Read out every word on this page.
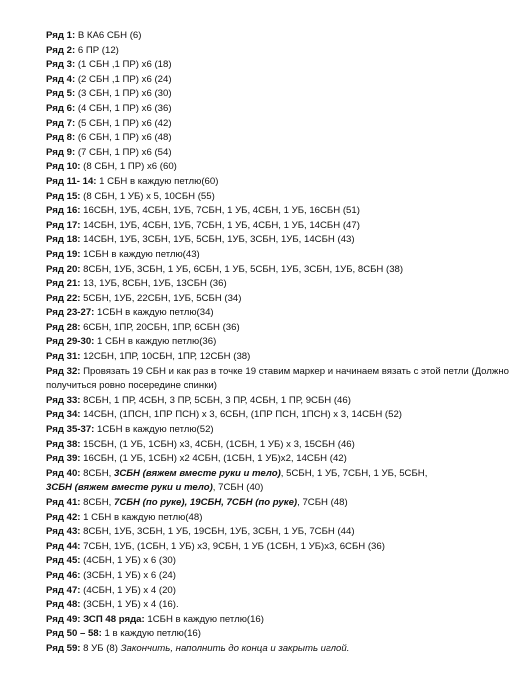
Ряд 1: В КА6 СБН (6)
Ряд 2: 6 ПР (12)
Ряд 3: (1 СБН ,1 ПР) х6 (18)
Ряд 4: (2 СБН ,1 ПР) х6 (24)
Ряд 5: (3 СБН, 1 ПР) х6 (30)
Ряд 6: (4 СБН, 1 ПР) х6 (36)
Ряд 7: (5 СБН, 1 ПР) х6 (42)
Ряд 8: (6 СБН, 1 ПР) х6 (48)
Ряд 9: (7 СБН, 1 ПР) х6 (54)
Ряд 10: (8 СБН, 1 ПР) х6 (60)
Ряд 11- 14: 1 СБН в каждую петлю(60)
Ряд 15: (8 СБН, 1 УБ) х 5, 10СБН (55)
Ряд 16: 16СБН, 1УБ, 4СБН, 1УБ, 7СБН, 1 УБ, 4СБН, 1 УБ, 16СБН (51)
Ряд 17: 14СБН, 1УБ, 4СБН, 1УБ, 7СБН, 1 УБ, 4СБН, 1 УБ, 14СБН (47)
Ряд 18: 14СБН, 1УБ, 3СБН, 1УБ, 5СБН, 1УБ, 3СБН, 1УБ, 14СБН (43)
Ряд 19: 1СБН в каждую петлю(43)
Ряд 20: 8СБН, 1УБ, 3СБН, 1 УБ, 6СБН, 1 УБ, 5СБН, 1УБ, 3СБН, 1УБ, 8СБН (38)
Ряд 21: 13, 1УБ, 8СБН, 1УБ, 13СБН (36)
Ряд 22: 5СБН, 1УБ, 22СБН, 1УБ, 5СБН (34)
Ряд 23-27: 1СБН в каждую петлю(34)
Ряд 28: 6СБН, 1ПР, 20СБН, 1ПР, 6СБН (36)
Ряд 29-30: 1 СБН в каждую петлю(36)
Ряд 31: 12СБН, 1ПР, 10СБН, 1ПР, 12СБН (38)
Ряд 32: Провязать 19 СБН и как раз в точке 19 ставим маркер и начинаем вязать с этой петли (Должно получиться ровно посередине спинки)
Ряд 33: 8СБН, 1 ПР, 4СБН, 3 ПР, 5СБН, 3 ПР, 4СБН, 1 ПР, 9СБН (46)
Ряд 34: 14СБН, (1ПСН, 1ПР ПСН) х 3, 6СБН, (1ПР ПСН, 1ПСН) х 3, 14СБН (52)
Ряд 35-37: 1СБН в каждую петлю(52)
Ряд 38: 15СБН, (1 УБ, 1СБН) х3, 4СБН, (1СБН, 1 УБ) х 3, 15СБН (46)
Ряд 39: 16СБН, (1 УБ, 1СБН) х2 4СБН, (1СБН, 1 УБ)х2, 14СБН (42)
Ряд 40: 8СБН, 3СБН (вяжем вместе руки и тело), 5СБН, 1 УБ, 7СБН, 1 УБ, 5СБН,
3СБН (вяжем вместе руки и тело), 7СБН (40)
Ряд 41: 8СБН, 7СБН (по руке), 19СБН, 7СБН (по руке), 7СБН (48)
Ряд 42: 1 СБН в каждую петлю(48)
Ряд 43: 8СБН, 1УБ, 3СБН, 1 УБ, 19СБН, 1УБ, 3СБН, 1 УБ, 7СБН (44)
Ряд 44: 7СБН, 1УБ, (1СБН, 1 УБ) х3, 9СБН, 1 УБ (1СБН, 1 УБ)х3, 6СБН (36)
Ряд 45: (4СБН, 1 УБ) х 6 (30)
Ряд 46: (3СБН, 1 УБ) х 6 (24)
Ряд 47: (4СБН, 1 УБ) х 4 (20)
Ряд 48: (3СБН, 1 УБ) х 4 (16).
Ряд 49: ЗСП 48 ряда: 1СБН в каждую петлю(16)
Ряд 50 – 58: 1 в каждую петлю(16)
Ряд 59: 8 УБ (8) Закончить, наполнить до конца и закрыть иглой.
